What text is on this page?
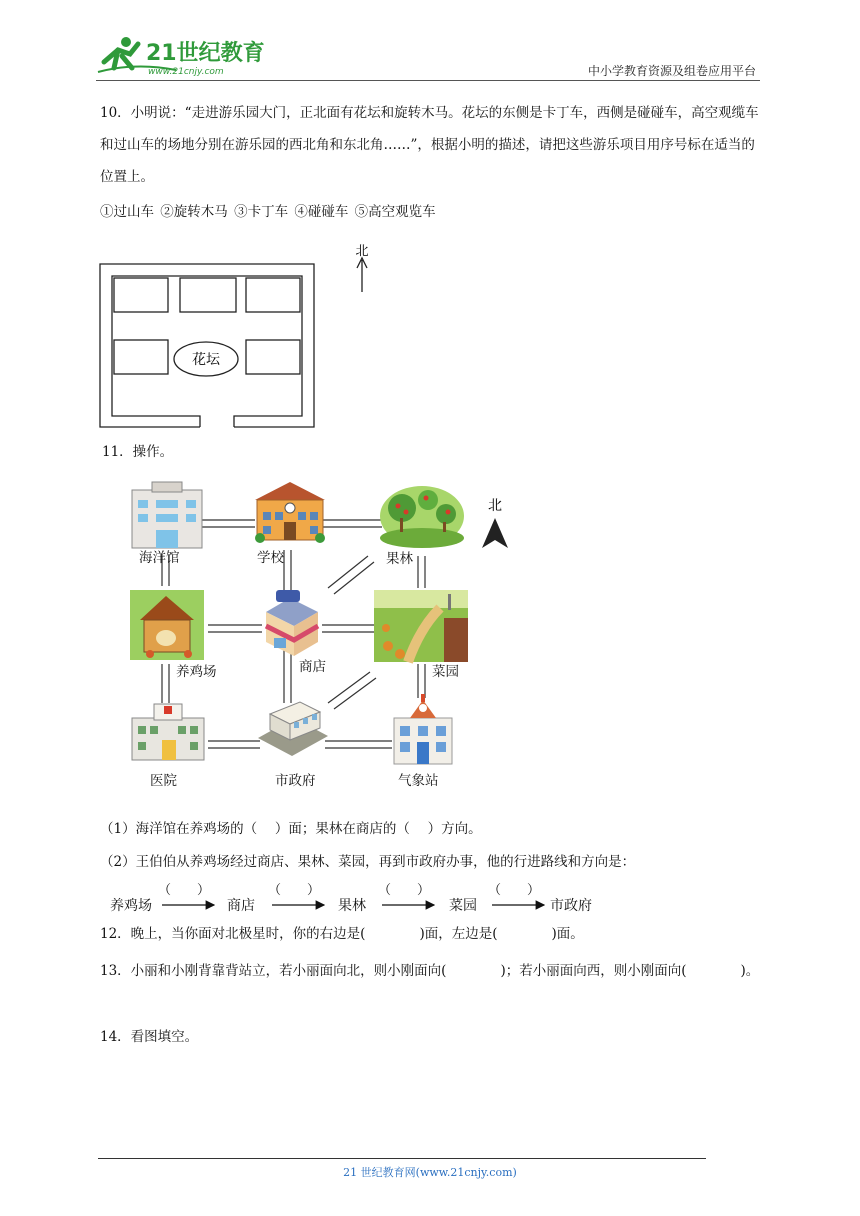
21世纪教育
www.21cnjy.com	中小学教育资源及组卷应用平台
10．小明说：“走进游乐园大门，正北面有花坛和旋转木马。花坛的东侧是卡丁车，西侧是碰碰车，高空观缆车和过山车的场地分别在游乐园的西北角和东北角……”，根据小明的描述，请把这些游乐项目用序号标在适当的位置上。
①过山车 ②旋转木马 ③卡丁车 ④碰碰车 ⑤高空观览车
花坛
北
11．操作。
北
海洋馆	学校	果林
养鸡场	商店	菜园
医院	市政府	气象站
（1）海洋馆在养鸡场的（　 ）面；果林在商店的（　 ）方向。
（2）王伯伯从养鸡场经过商店、果林、菜园，再到市政府办事，他的行进路线和方向是：
养鸡场	商店	果林	菜园	市政府
（　　）	（　　）	（　　）	（　　）
12．晚上，当你面对北极星时，你的右边是(　　　　)面，左边是(　　　　)面。
13．小丽和小刚背靠背站立，若小丽面向北，则小刚面向(　　　　)；若小丽面向西，则小刚面向(　　　　)。
14．看图填空。
21 世纪教育网(www.21cnjy.com)
